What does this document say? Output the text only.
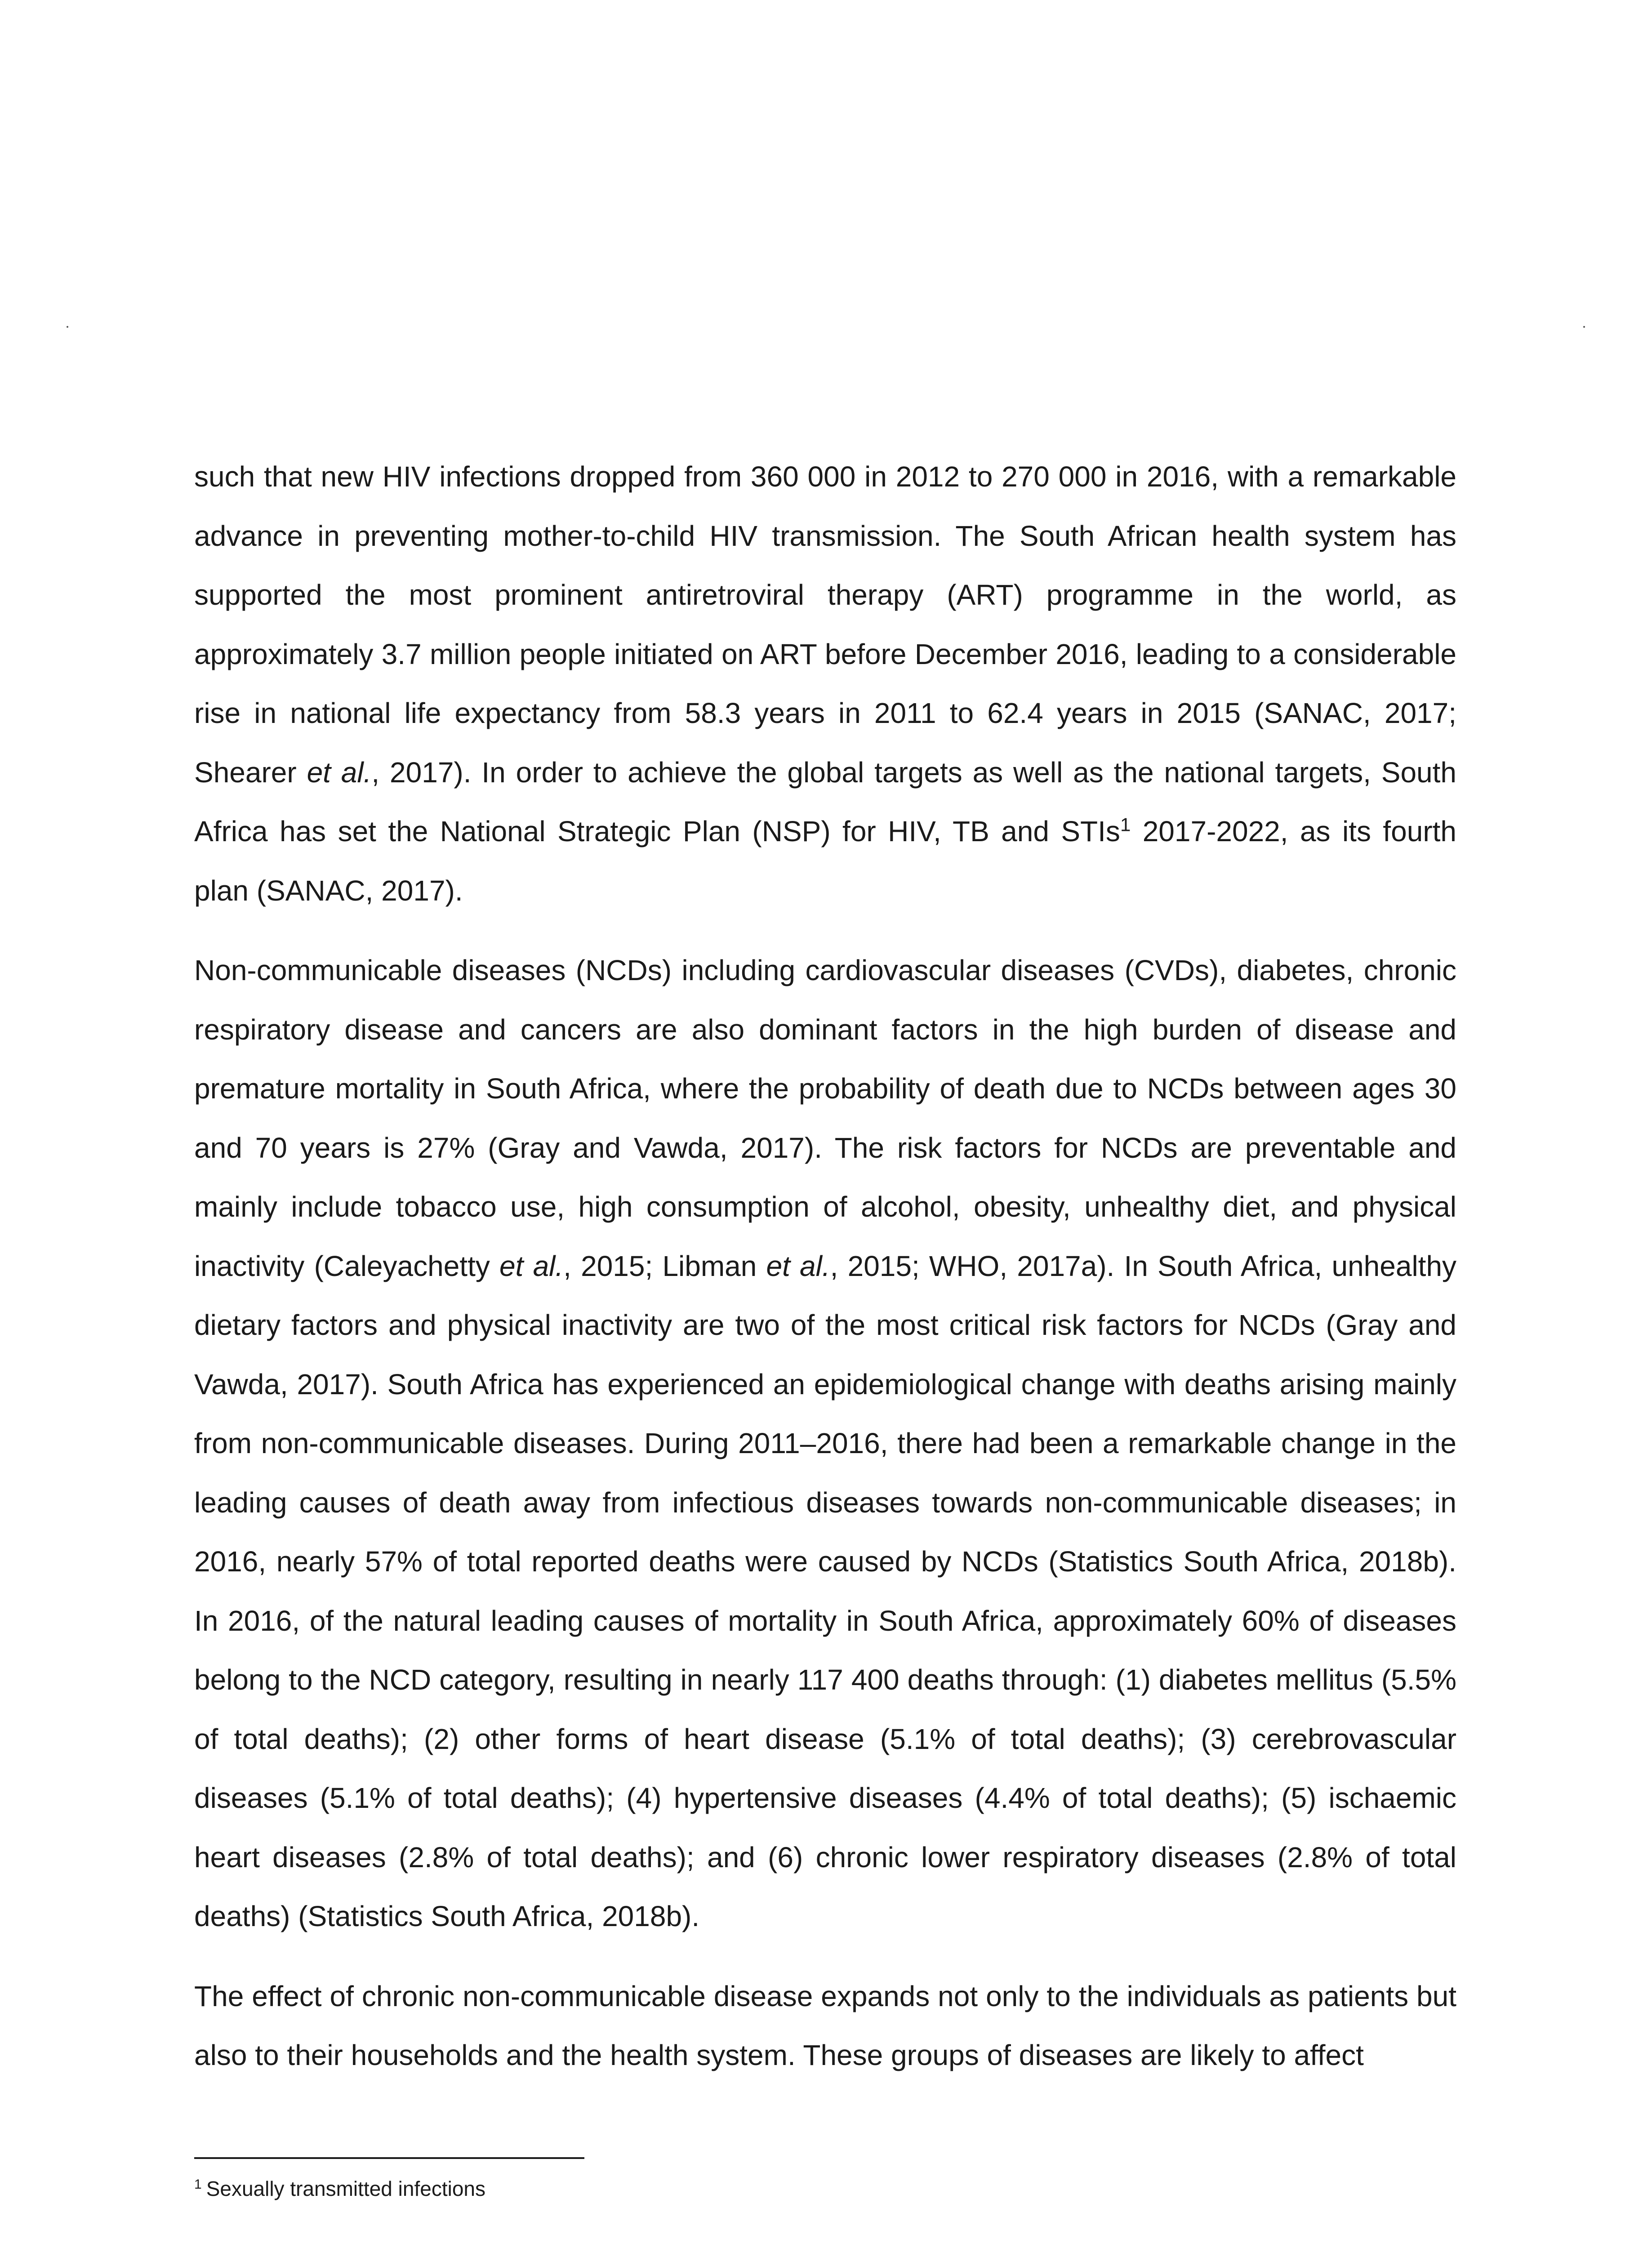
such that new HIV infections dropped from 360 000 in 2012 to 270 000 in 2016, with a remarkable advance in preventing mother-to-child HIV transmission. The South African health system has supported the most prominent antiretroviral therapy (ART) programme in the world, as approximately 3.7 million people initiated on ART before December 2016, leading to a considerable rise in national life expectancy from 58.3 years in 2011 to 62.4 years in 2015 (SANAC, 2017; Shearer et al., 2017). In order to achieve the global targets as well as the national targets, South Africa has set the National Strategic Plan (NSP) for HIV, TB and STIs$^1$ 2017-2022, as its fourth plan (SANAC, 2017).

Non-communicable diseases (NCDs) including cardiovascular diseases (CVDs), diabetes, chronic respiratory disease and cancers are also dominant factors in the high burden of disease and premature mortality in South Africa, where the probability of death due to NCDs between ages 30 and 70 years is 27% (Gray and Vawda, 2017). The risk factors for NCDs are preventable and mainly include tobacco use, high consumption of alcohol, obesity, unhealthy diet, and physical inactivity (Caleyachetty et al., 2015; Libman et al., 2015; WHO, 2017a). In South Africa, unhealthy dietary factors and physical inactivity are two of the most critical risk factors for NCDs (Gray and Vawda, 2017). South Africa has experienced an epidemiological change with deaths arising mainly from non-communicable diseases. During 2011–2016, there had been a remarkable change in the leading causes of death away from infectious diseases towards non-communicable diseases; in 2016, nearly 57% of total reported deaths were caused by NCDs (Statistics South Africa, 2018b). In 2016, of the natural leading causes of mortality in South Africa, approximately 60% of diseases belong to the NCD category, resulting in nearly 117 400 deaths through: (1) diabetes mellitus (5.5% of total deaths); (2) other forms of heart disease (5.1% of total deaths); (3) cerebrovascular diseases (5.1% of total deaths); (4) hypertensive diseases (4.4% of total deaths); (5) ischaemic heart diseases (2.8% of total deaths); and (6) chronic lower respiratory diseases (2.8% of total deaths) (Statistics South Africa, 2018b).

The effect of chronic non-communicable disease expands not only to the individuals as patients but also to their households and the health system. These groups of diseases are likely to affect

$^1$ Sexually transmitted infections
